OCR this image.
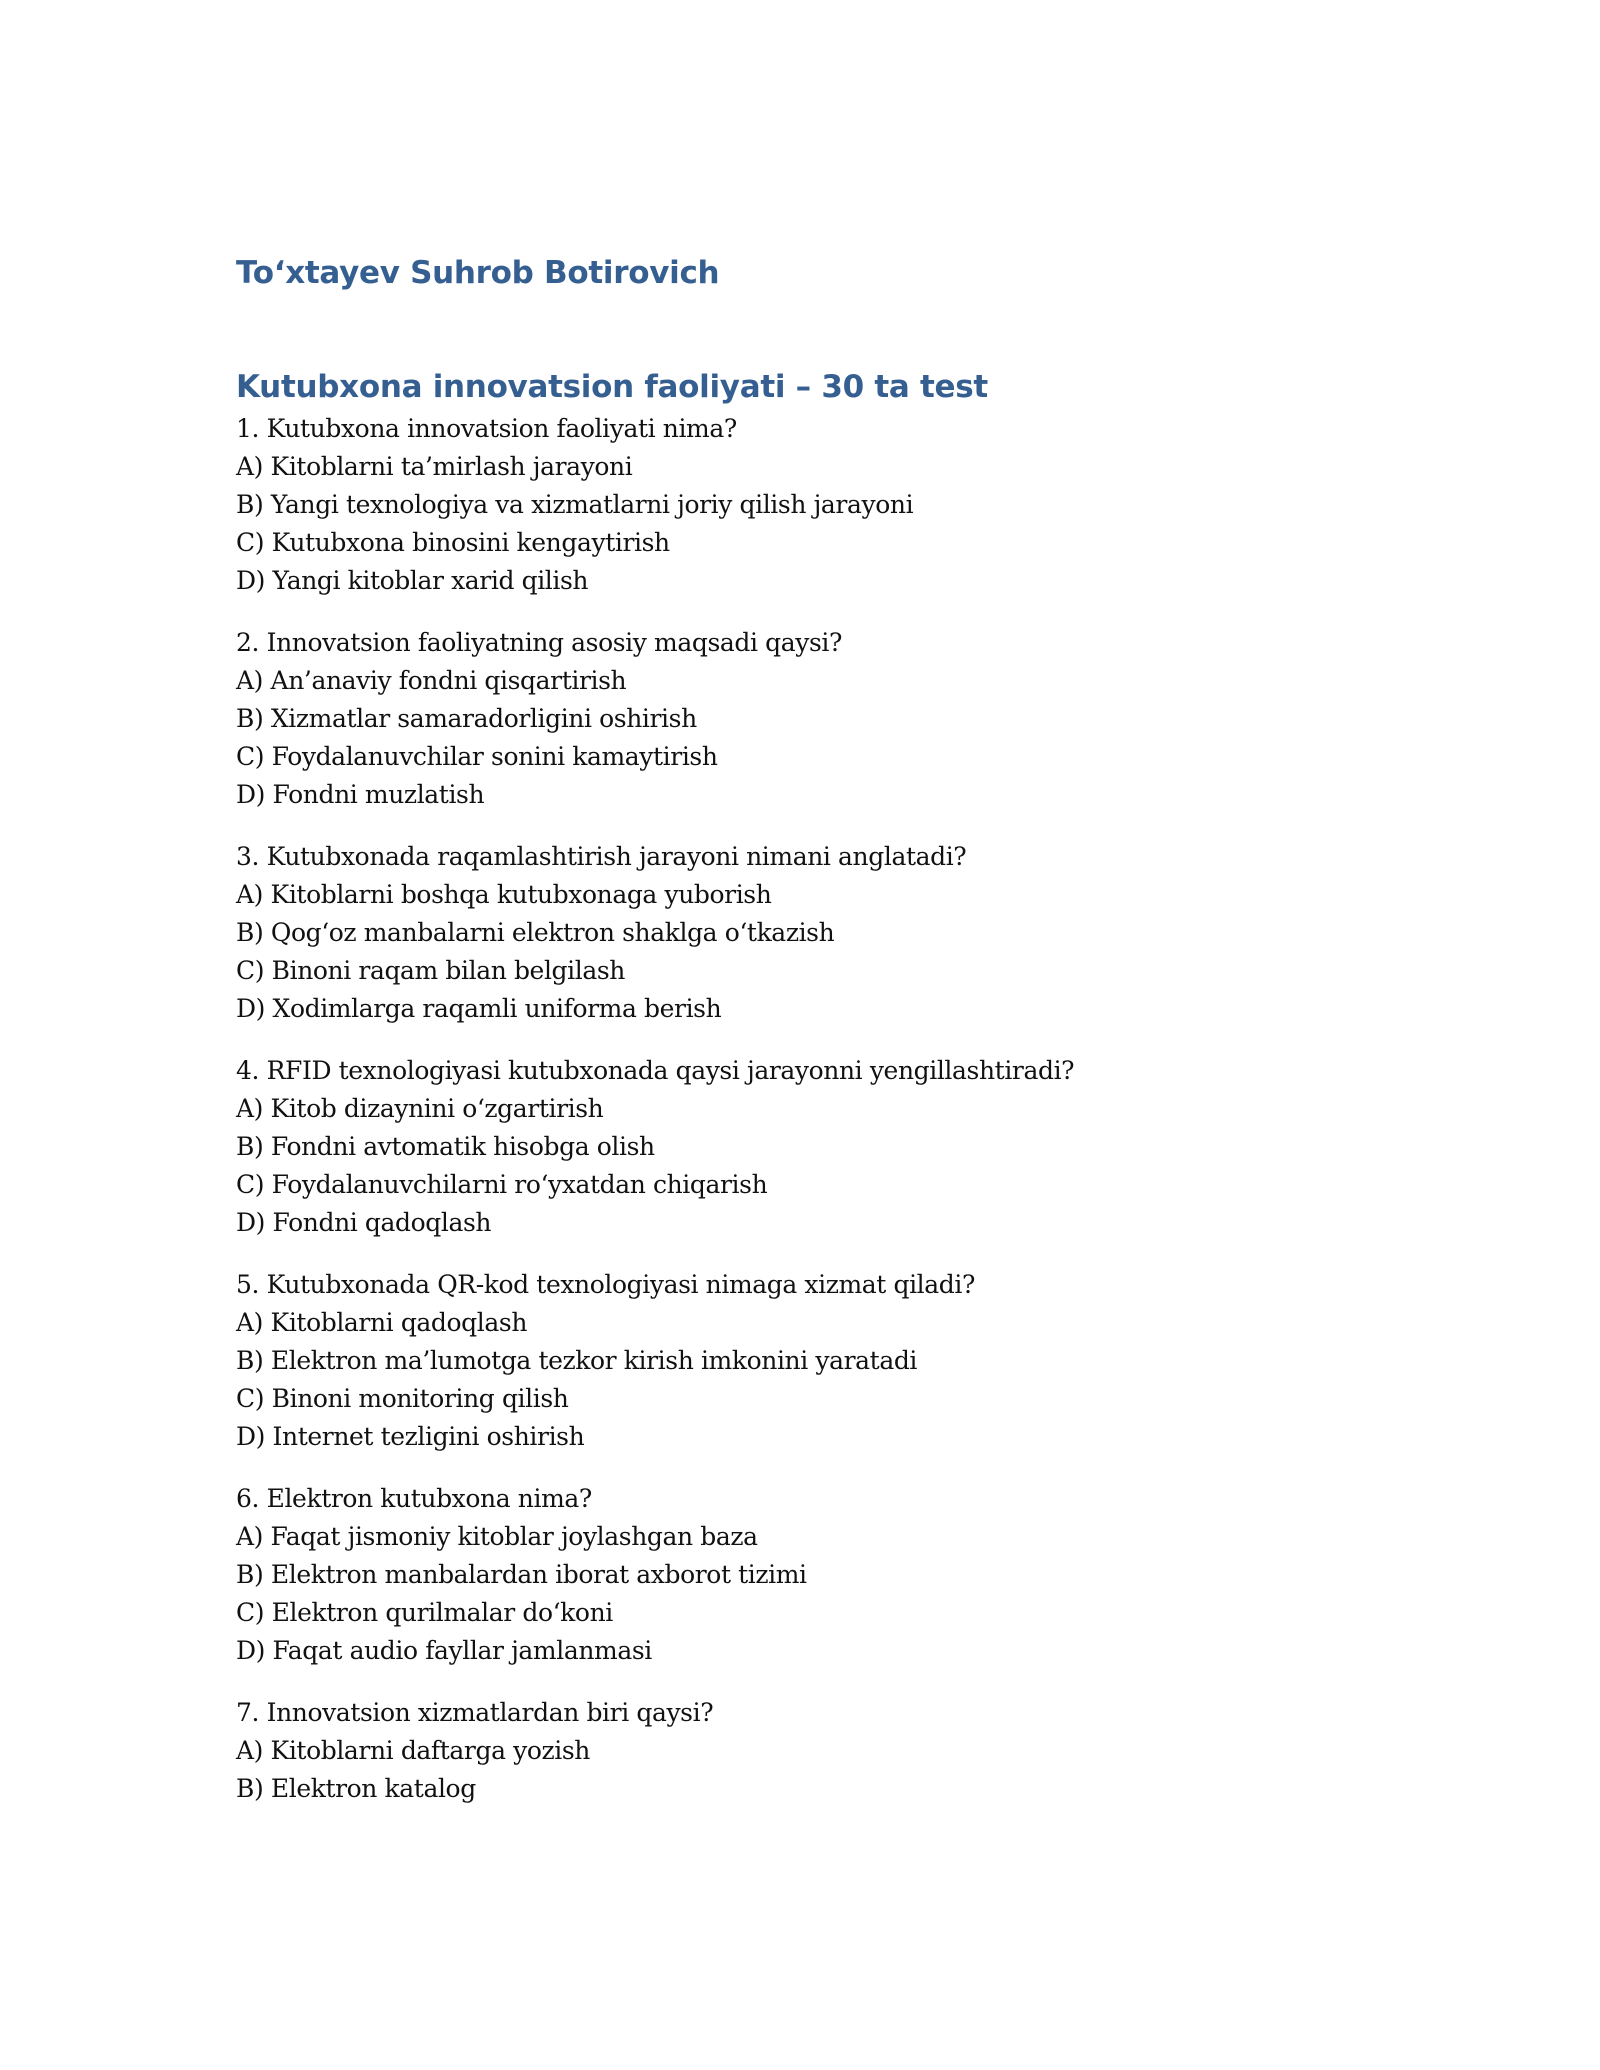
To‘xtayev Suhrob Botirovich
Kutubxona innovatsion faoliyati – 30 ta test

1. Kutubxona innovatsion faoliyati nima?

A) Kitoblarni ta’mirlash jarayoni

B) Yangi texnologiya va xizmatlarni joriy qilish jarayoni

C) Kutubxona binosini kengaytirish

D) Yangi kitoblar xarid qilish

2. Innovatsion faoliyatning asosiy maqsadi qaysi?

A) An’anaviy fondni qisqartirish

B) Xizmatlar samaradorligini oshirish

C) Foydalanuvchilar sonini kamaytirish

D) Fondni muzlatish

3. Kutubxonada raqamlashtirish jarayoni nimani anglatadi?

A) Kitoblarni boshqa kutubxonaga yuborish

B) Qog‘oz manbalarni elektron shaklga o‘tkazish

C) Binoni raqam bilan belgilash

D) Xodimlarga raqamli uniforma berish

4. RFID texnologiyasi kutubxonada qaysi jarayonni yengillashtiradi?

A) Kitob dizaynini o‘zgartirish

B) Fondni avtomatik hisobga olish

C) Foydalanuvchilarni ro‘yxatdan chiqarish

D) Fondni qadoqlash

5. Kutubxonada QR-kod texnologiyasi nimaga xizmat qiladi?

A) Kitoblarni qadoqlash

B) Elektron ma’lumotga tezkor kirish imkonini yaratadi

C) Binoni monitoring qilish

D) Internet tezligini oshirish

6. Elektron kutubxona nima?

A) Faqat jismoniy kitoblar joylashgan baza

B) Elektron manbalardan iborat axborot tizimi

C) Elektron qurilmalar do‘koni

D) Faqat audio fayllar jamlanmasi

7. Innovatsion xizmatlardan biri qaysi?

A) Kitoblarni daftarga yozish

B) Elektron katalog
